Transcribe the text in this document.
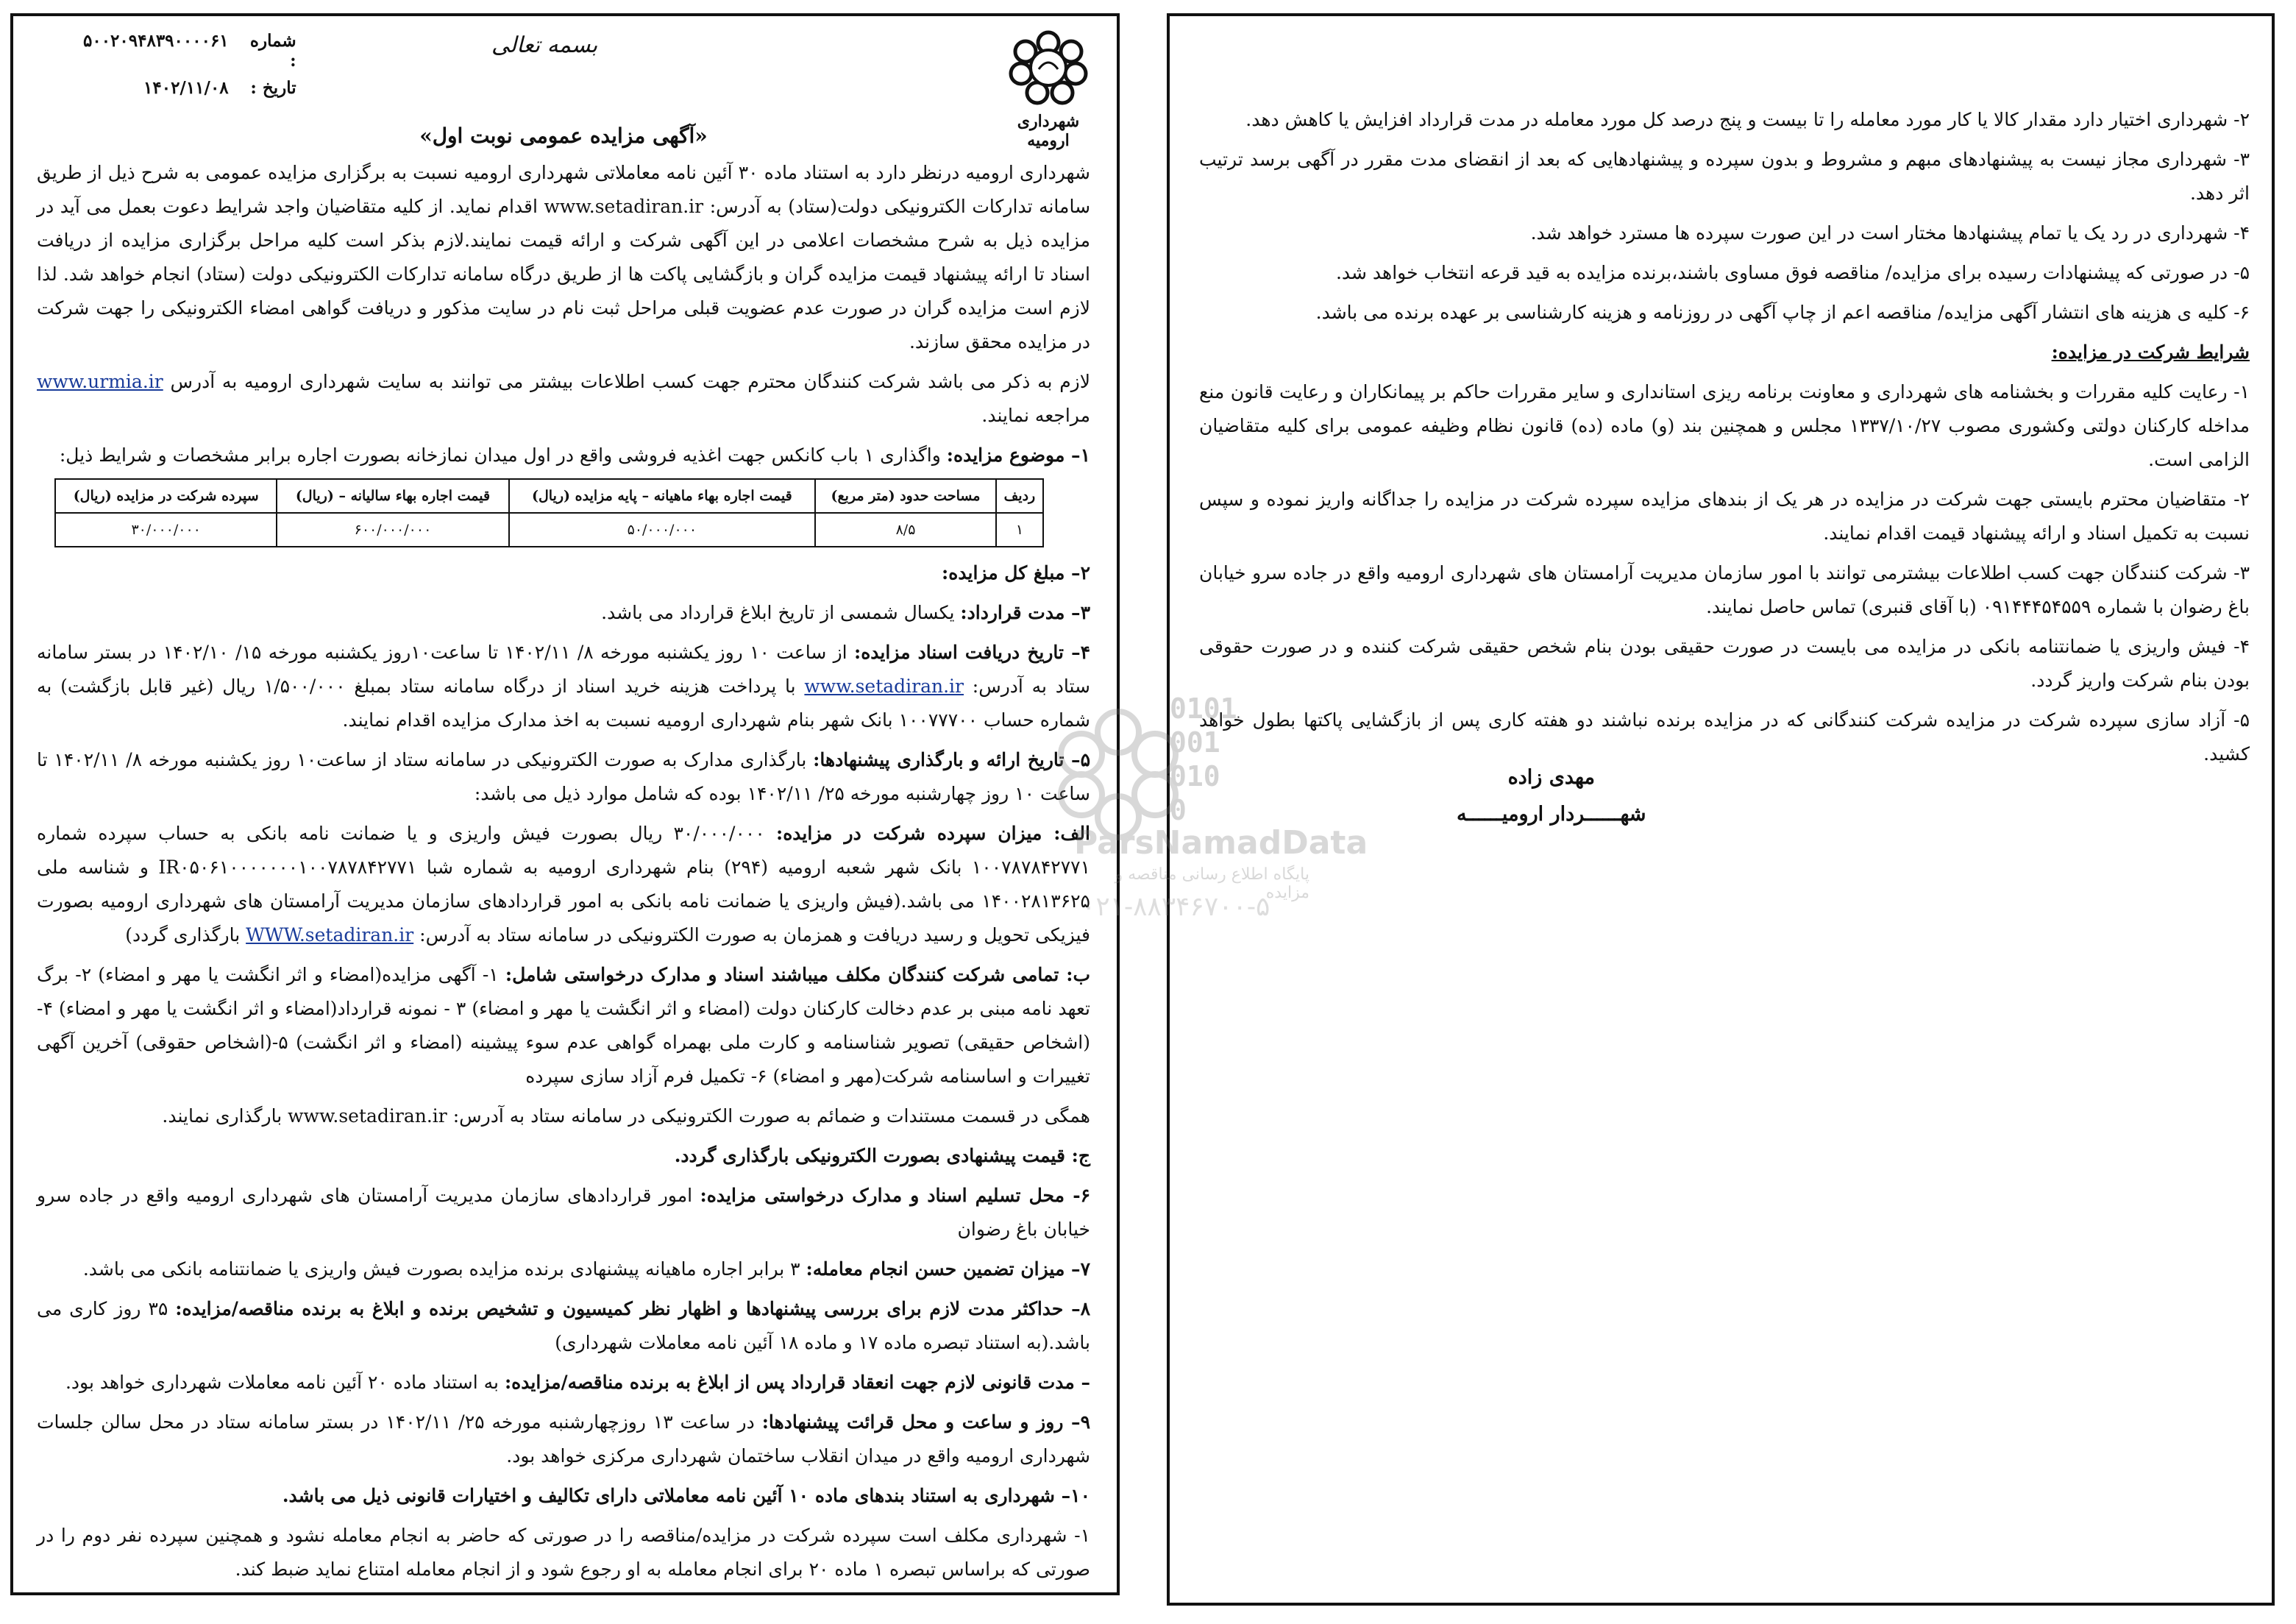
شهرداری ارومیه
بسمه تعالی
شماره :
۵۰۰۲۰۹۴۸۳۹۰۰۰۰۶۱
تاریخ :
۱۴۰۲/۱۱/۰۸
«آگهی مزایده عمومی نوبت اول»

شهرداری ارومیه درنظر دارد به استناد ماده ۳۰ آئین نامه معاملاتی شهرداری ارومیه نسبت به برگزاری مزایده عمومی به شرح ذیل از طریق سامانه تدارکات الکترونیکی دولت(ستاد) به آدرس: www.setadiran.ir اقدام نماید. از کلیه متقاضیان واجد شرایط دعوت بعمل می آید در مزایده ذیل به شرح مشخصات اعلامی در این آگهی شرکت و ارائه قیمت نمایند.لازم بذکر است کلیه مراحل برگزاری مزایده از دریافت اسناد تا ارائه پیشنهاد قیمت مزایده گران و بازگشایی پاکت ها از طریق درگاه سامانه تدارکات الکترونیکی دولت (ستاد) انجام خواهد شد. لذا لازم است مزایده گران در صورت عدم عضویت قبلی مراحل ثبت نام در سایت مذکور و دریافت گواهی امضاء الکترونیکی را جهت شرکت در مزایده محقق سازند.

لازم به ذکر می باشد شرکت کنندگان محترم جهت کسب اطلاعات بیشتر می توانند به سایت شهرداری ارومیه به آدرس www.urmia.ir مراجعه نمایند.

۱– موضوع مزایده: واگذاری ۱ باب کانکس جهت اغذیه فروشی واقع در اول میدان نمازخانه بصورت اجاره برابر مشخصات و شرایط ذیل:

ردیف	مساحت حدود (متر مربع)	قیمت اجاره بهاء ماهیانه – پایه مزایده (ریال)	قیمت اجاره بهاء سالیانه – (ریال)	سپرده شرکت در مزایده (ریال)
۱	۸/۵	۵۰/۰۰۰/۰۰۰	۶۰۰/۰۰۰/۰۰۰	۳۰/۰۰۰/۰۰۰

۲– مبلغ کل مزایده:

۳– مدت قرارداد: یکسال شمسی از تاریخ ابلاغ قرارداد می باشد.

۴– تاریخ دریافت اسناد مزایده: از ساعت ۱۰ روز یکشنبه مورخه ۸/ ۱۴۰۲/۱۱ تا ساعت۱۰روز یکشنبه مورخه ۱۵/ ۱۴۰۲/۱۰ در بستر سامانه ستاد به آدرس: www.setadiran.ir با پرداخت هزینه خرید اسناد از درگاه سامانه ستاد بمبلغ ۱/۵۰۰/۰۰۰ ریال (غیر قابل بازگشت) به شماره حساب ۱۰۰۷۷۷۰۰ بانک شهر بنام شهرداری ارومیه نسبت به اخذ مدارک مزایده اقدام نمایند.

۵– تاریخ ارائه و بارگذاری پیشنهادها: بارگذاری مدارک به صورت الکترونیکی در سامانه ستاد از ساعت۱۰ روز یکشنبه مورخه ۸/ ۱۴۰۲/۱۱ تا ساعت ۱۰ روز چهارشنبه مورخه ۲۵/ ۱۴۰۲/۱۱ بوده که شامل موارد ذیل می باشد:

الف: میزان سپرده شرکت در مزایده: ۳۰/۰۰۰/۰۰۰ ریال بصورت فیش واریزی و یا ضمانت نامه بانکی به حساب سپرده شماره ۱۰۰۷۸۷۸۴۲۷۷۱ بانک شهر شعبه ارومیه (۲۹۴) بنام شهرداری ارومیه به شماره شبا IR۰۵۰۶۱۰۰۰۰۰۰۰۱۰۰۷۸۷۸۴۲۷۷۱ و شناسه ملی ۱۴۰۰۲۸۱۳۶۲۵ می باشد.(فیش واریزی یا ضمانت نامه بانکی به امور قراردادهای سازمان مدیریت آرامستان های شهرداری ارومیه بصورت فیزیکی تحویل و رسید دریافت و همزمان به صورت الکترونیکی در سامانه ستاد به آدرس: WWW.setadiran.ir بارگذاری گردد)

ب: تمامی شرکت کنندگان مکلف میباشند اسناد و مدارک درخواستی شامل: ۱- آگهی مزایده(امضاء و اثر انگشت یا مهر و امضاء) ۲- برگ تعهد نامه مبنی بر عدم دخالت کارکنان دولت (امضاء و اثر انگشت یا مهر و امضاء) ۳ - نمونه قرارداد(امضاء و اثر انگشت یا مهر و امضاء) ۴-(اشخاص حقیقی) تصویر شناسنامه و کارت ملی بهمراه گواهی عدم سوء پیشینه (امضاء و اثر انگشت) ۵-(اشخاص حقوقی) آخرین آگهی تغییرات و اساسنامه شرکت(مهر و امضاء) ۶- تکمیل فرم آزاد سازی سپرده

همگی در قسمت مستندات و ضمائم به صورت الکترونیکی در سامانه ستاد به آدرس: www.setadiran.ir بارگذاری نمایند.

ج: قیمت پیشنهادی بصورت الکترونیکی بارگذاری گردد.

۶- محل تسلیم اسناد و مدارک درخواستی مزایده: امور قراردادهای سازمان مدیریت آرامستان های شهرداری ارومیه واقع در جاده سرو خیابان باغ رضوان

۷– میزان تضمین حسن انجام معامله: ۳ برابر اجاره ماهیانه پیشنهادی برنده مزایده بصورت فیش واریزی یا ضمانتنامه بانکی می باشد.

۸– حداکثر مدت لازم برای بررسی پیشنهادها و اظهار نظر کمیسیون و تشخیص برنده و ابلاغ به برنده مناقصه/مزایده: ۳۵ روز کاری می باشد.(به استناد تبصره ماده ۱۷ و ماده ۱۸ آئین نامه معاملات شهرداری)

– مدت قانونی لازم جهت انعقاد قرارداد پس از ابلاغ به برنده مناقصه/مزایده: به استناد ماده ۲۰ آئین نامه معاملات شهرداری خواهد بود.

۹– روز و ساعت و محل قرائت پیشنهادها: در ساعت ۱۳ روزچهارشنبه مورخه ۲۵/ ۱۴۰۲/۱۱ در بستر سامانه ستاد در محل سالن جلسات شهرداری ارومیه واقع در میدان انقلاب ساختمان شهرداری مرکزی خواهد بود.

۱۰– شهرداری به استناد بندهای ماده ۱۰ آئین نامه معاملاتی دارای تکالیف و اختیارات قانونی ذیل می باشد.

۱- شهرداری مکلف است سپرده شرکت در مزایده/مناقصه را در صورتی که حاضر به انجام معامله نشود و همچنین سپرده نفر دوم را در صورتی که براساس تبصره ۱ ماده ۲۰ برای انجام معامله به او رجوع شود و از انجام معامله امتناع نماید ضبط کند.

۲- شهرداری اختیار دارد مقدار کالا یا کار مورد معامله را تا بیست و پنج درصد کل مورد معامله در مدت قرارداد افزایش یا کاهش دهد.

۳- شهرداری مجاز نیست به پیشنهادهای مبهم و مشروط و بدون سپرده و پیشنهادهایی که بعد از انقضای مدت مقرر در آگهی برسد ترتیب اثر دهد.

۴- شهرداری در رد یک یا تمام پیشنهادها مختار است در این صورت سپرده ها مسترد خواهد شد.

۵- در صورتی که پیشنهادات رسیده برای مزایده/ مناقصه فوق مساوی باشند،برنده مزایده به قید قرعه انتخاب خواهد شد.

۶- کلیه ی هزینه های انتشار آگهی مزایده/ مناقصه اعم از چاپ آگهی در روزنامه و هزینه کارشناسی بر عهده برنده می باشد.

شرایط شرکت در مزایده:

۱- رعایت کلیه مقررات و بخشنامه های شهرداری و معاونت برنامه ریزی استانداری و سایر مقررات حاکم بر پیمانکاران و رعایت قانون منع مداخله کارکنان دولتی وکشوری مصوب ۱۳۳۷/۱۰/۲۷ مجلس و همچنین بند (و) ماده (ده) قانون نظام وظیفه عمومی برای کلیه متقاضیان الزامی است.

۲- متقاضیان محترم بایستی جهت شرکت در مزایده در هر یک از بندهای مزایده سپرده شرکت در مزایده را جداگانه واریز نموده و سپس نسبت به تکمیل اسناد و ارائه پیشنهاد قیمت اقدام نمایند.

۳- شرکت کنندگان جهت کسب اطلاعات بیشترمی توانند با امور سازمان مدیریت آرامستان های شهرداری ارومیه واقع در جاده سرو خیابان باغ رضوان با شماره ۰۹۱۴۴۴۵۴۵۵۹ (با آقای قنبری) تماس حاصل نمایند.

۴- فیش واریزی یا ضمانتنامه بانکی در مزایده می بایست در صورت حقیقی بودن بنام شخص حقیقی شرکت کننده و در صورت حقوقی بودن بنام شرکت واریز گردد.

۵- آزاد سازی سپرده شرکت در مزایده شرکت کنندگانی که در مزایده برنده نباشند دو هفته کاری پس از بازگشایی پاکتها بطول خواهد کشید.

مهدی زاده
شهــــــردار ارومیــــــه
0101
001
010
0
ParsNamadData
پایگاه اطلاع رسانی مناقصه و مزایده
۰۲۱-۸۸۳۴۶۷۰۰-۵
